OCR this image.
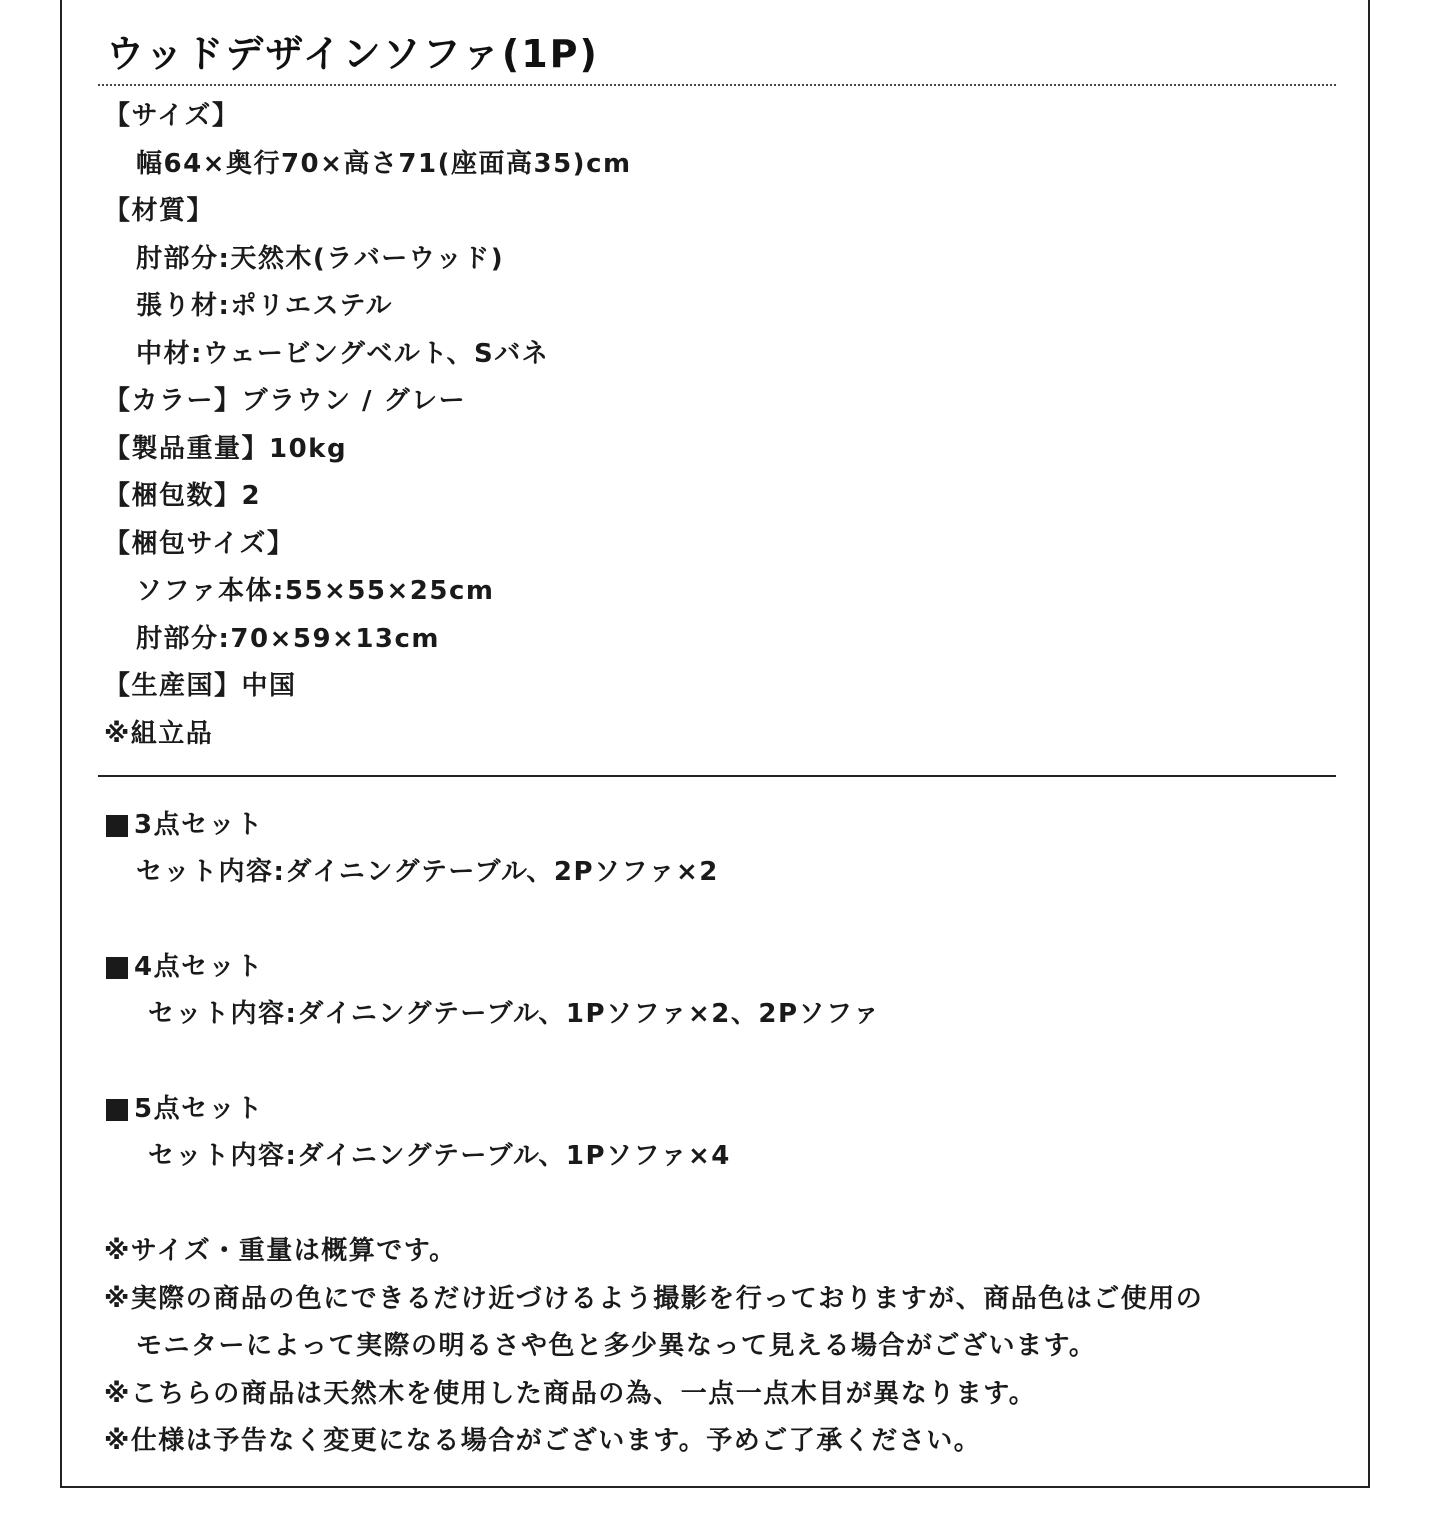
ウッドデザインソファ(1P)
【サイズ】
幅64×奥行70×高さ71(座面高35)cm
【材質】
肘部分:天然木(ラバーウッド)
張り材:ポリエステル
中材:ウェービングベルト、Sバネ
【カラー】ブラウン / グレー
【製品重量】10kg
【梱包数】2
【梱包サイズ】
ソファ本体:55×55×25cm
肘部分:70×59×13cm
【生産国】中国
※組立品
3点セット
セット内容:ダイニングテーブル、2Pソファ×2
4点セット
セット内容:ダイニングテーブル、1Pソファ×2、2Pソファ
5点セット
セット内容:ダイニングテーブル、1Pソファ×4
※サイズ・重量は概算です。
※実際の商品の色にできるだけ近づけるよう撮影を行っておりますが、商品色はご使用の
モニターによって実際の明るさや色と多少異なって見える場合がございます。
※こちらの商品は天然木を使用した商品の為、一点一点木目が異なります。
※仕様は予告なく変更になる場合がございます。予めご了承ください。
